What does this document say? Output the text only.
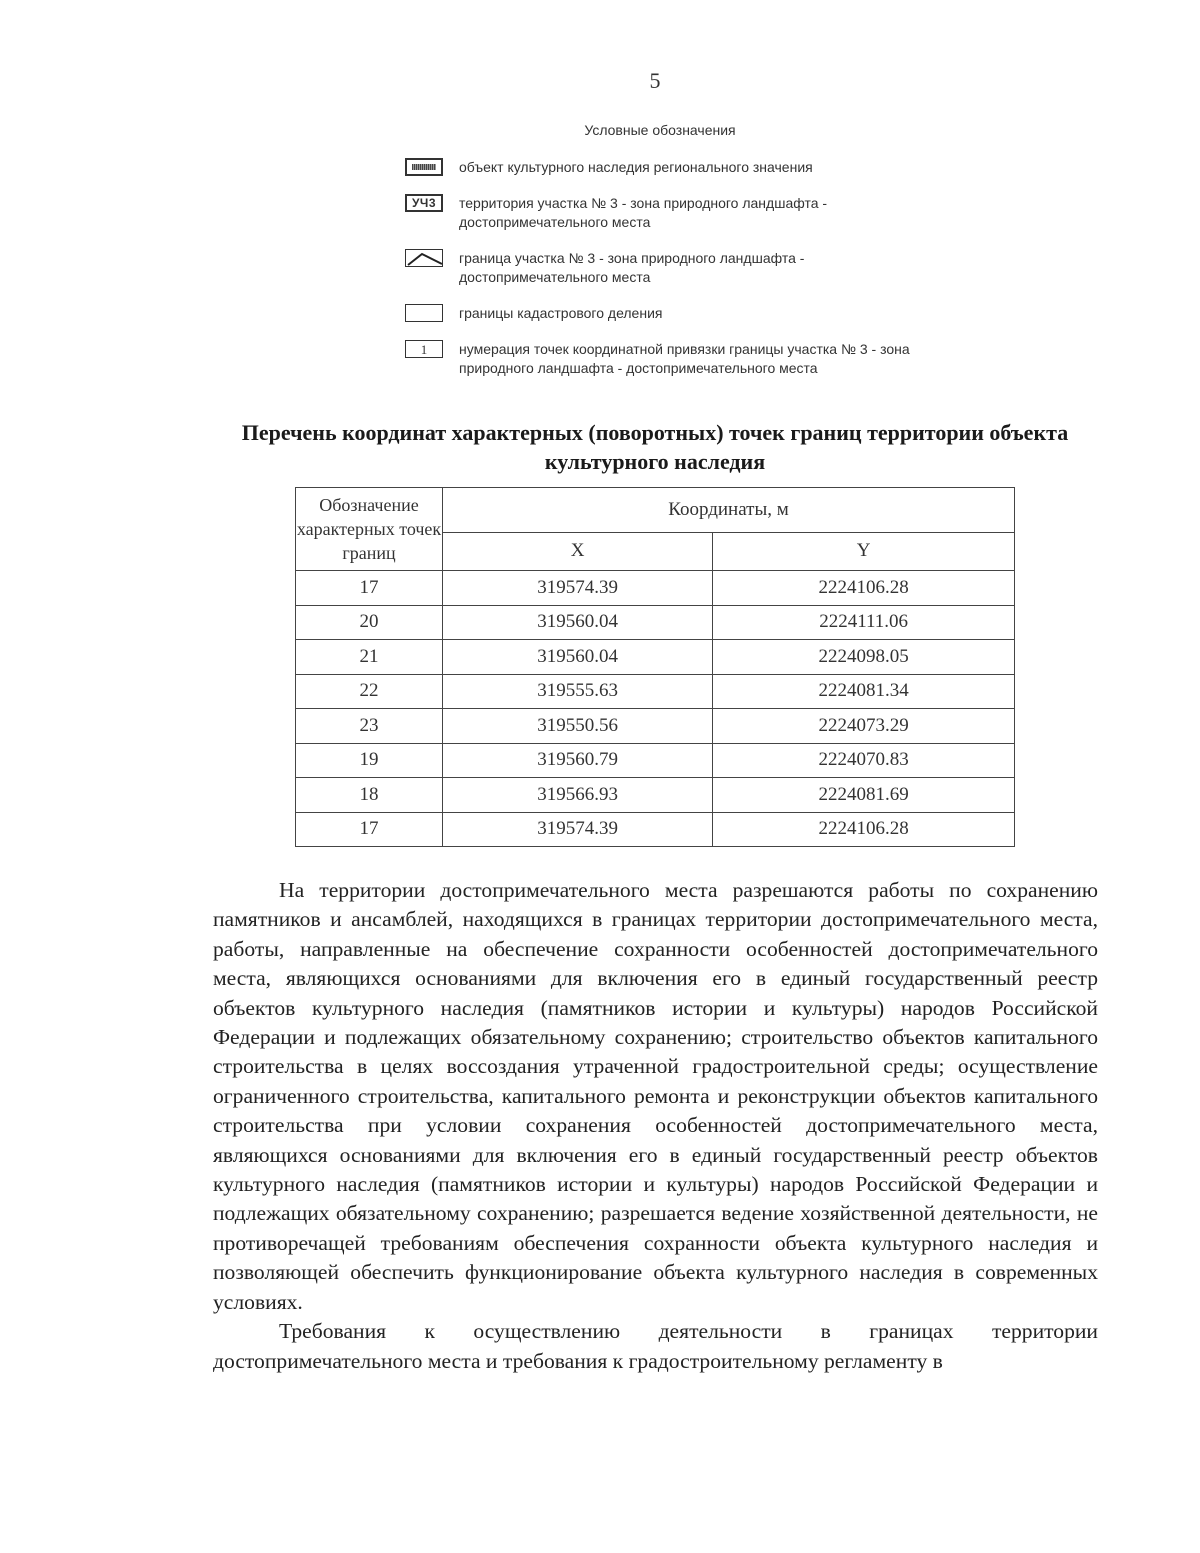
5
Условные обозначения
объект культурного наследия регионального значения
УЧ3	территория участка № 3 - зона природного ландшафта - достопримечательного места
граница участка № 3 - зона природного ландшафта - достопримечательного места
границы кадастрового деления
1	нумерация точек координатной привязки границы участка № 3 - зона природного ландшафта - достопримечательного места
Перечень координат характерных (поворотных) точек границ территории объекта культурного наследия
Обозначение характерных точек границ	Координаты, м	
	X	Y
17	319574.39	2224106.28
20	319560.04	2224111.06
21	319560.04	2224098.05
22	319555.63	2224081.34
23	319550.56	2224073.29
19	319560.79	2224070.83
18	319566.93	2224081.69
17	319574.39	2224106.28

На территории достопримечательного места разрешаются работы по сохранению памятников и ансамблей, находящихся в границах территории достопримечательного места, работы, направленные на обеспечение сохранности особенностей достопримечательного места, являющихся основаниями для включения его в единый государственный реестр объектов культурного наследия (памятников истории и культуры) народов Российской Федерации и подлежащих обязательному сохранению; строительство объектов капитального строительства в целях воссоздания утраченной градостроительной среды; осуществление ограниченного строительства, капитального ремонта и реконструкции объектов капитального строительства при условии сохранения особенностей достопримечательного места, являющихся основаниями для включения его в единый государственный реестр объектов культурного наследия (памятников истории и культуры) народов Российской Федерации и подлежащих обязательному сохранению; разрешается ведение хозяйственной деятельности, не противоречащей требованиям обеспечения сохранности объекта культурного наследия и позволяющей обеспечить функционирование объекта культурного наследия в современных условиях.

Требования к осуществлению деятельности в границах территории достопримечательного места и требования к градостроительному регламенту в
